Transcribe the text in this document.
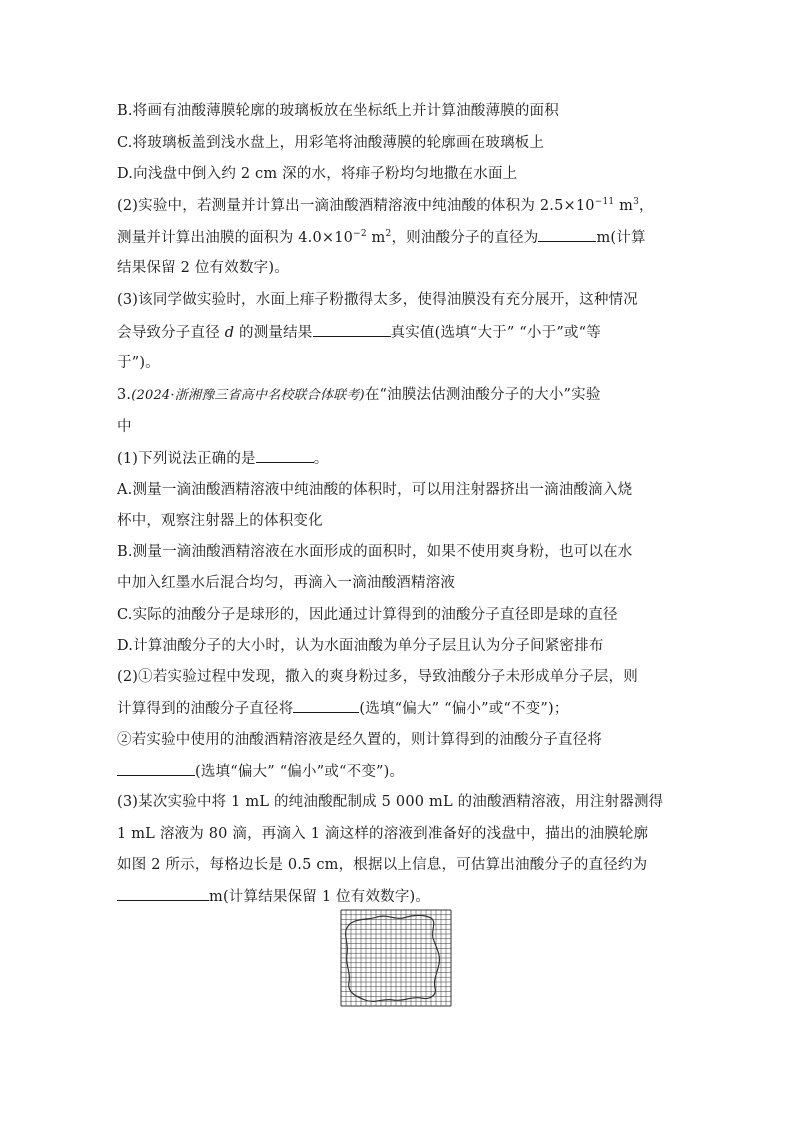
B.将画有油酸薄膜轮廓的玻璃板放在坐标纸上并计算油酸薄膜的面积
C.将玻璃板盖到浅水盘上，用彩笔将油酸薄膜的轮廓画在玻璃板上
D.向浅盘中倒入约 2 cm 深的水，将痱子粉均匀地撒在水面上
(2)实验中，若测量并计算出一滴油酸酒精溶液中纯油酸的体积为 $2.5\times 10^{-11}$ $m^3$，
测量并计算出油膜的面积为 $4.0\times 10^{-2}$ $m^2$，则油酸分子的直径为	m(计算
结果保留 2 位有效数字)。
(3)该同学做实验时，水面上痱子粉撒得太多，使得油膜没有充分展开，这种情况
会导致分子直径 d 的测量结果	真实值(选填“大于” “小于”或“等
于”)。
3.(2024·浙湘豫三省高中名校联合体联考)在“油膜法估测油酸分子的大小”实验
中
(1)下列说法正确的是	。
A.测量一滴油酸酒精溶液中纯油酸的体积时，可以用注射器挤出一滴油酸滴入烧
杯中，观察注射器上的体积变化
B.测量一滴油酸酒精溶液在水面形成的面积时，如果不使用爽身粉，也可以在水
中加入红墨水后混合均匀，再滴入一滴油酸酒精溶液
C.实际的油酸分子是球形的，因此通过计算得到的油酸分子直径即是球的直径
D.计算油酸分子的大小时，认为水面油酸为单分子层且认为分子间紧密排布
(2)①若实验过程中发现，撒入的爽身粉过多，导致油酸分子未形成单分子层，则
计算得到的油酸分子直径将	(选填“偏大” “偏小”或“不变”)；
②若实验中使用的油酸酒精溶液是经久置的，则计算得到的油酸分子直径将
(选填“偏大” “偏小”或“不变”)。
(3)某次实验中将 1 mL 的纯油酸配制成 5 000 mL 的油酸酒精溶液，用注射器测得
1 mL 溶液为 80 滴，再滴入 1 滴这样的溶液到准备好的浅盘中，描出的油膜轮廓
如图 2 所示，每格边长是 0.5 cm，根据以上信息，可估算出油酸分子的直径约为
m(计算结果保留 1 位有效数字)。
